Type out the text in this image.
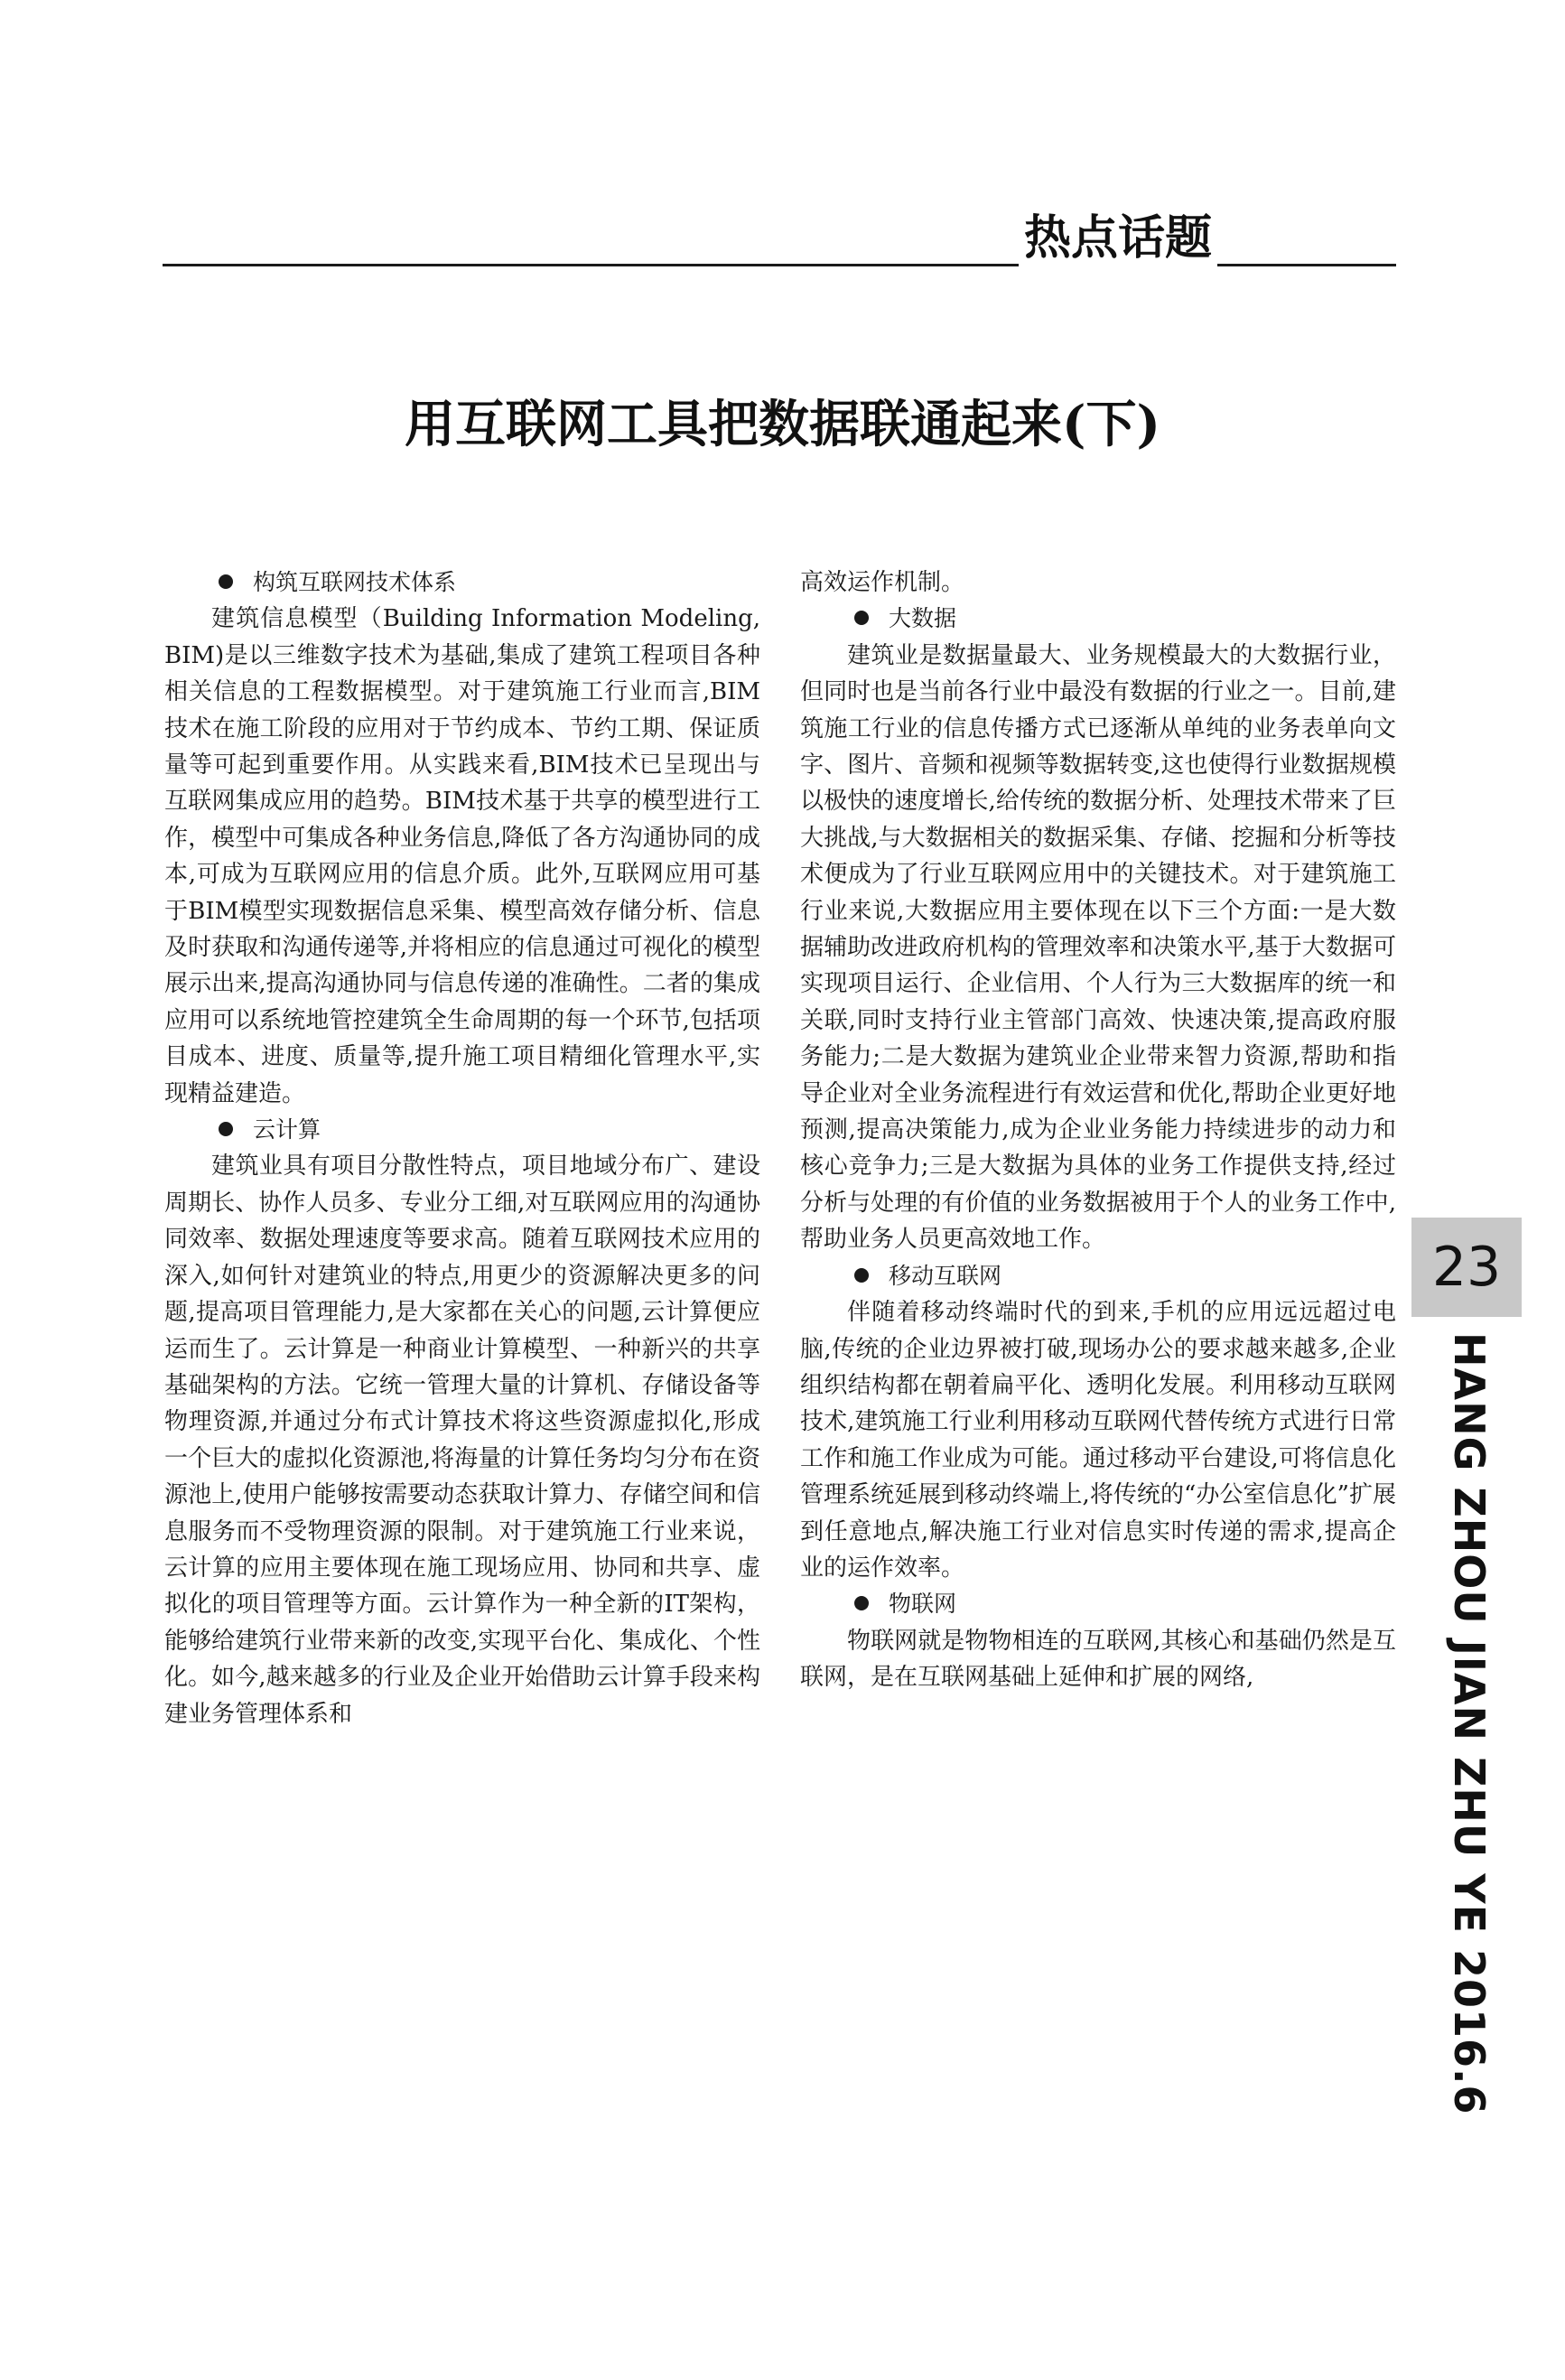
热点话题
用互联网工具把数据联通起来(下)
构筑互联网技术体系

建筑信息模型（Building Information Modeling, BIM)是以三维数字技术为基础,集成了建筑工程项目各种相关信息的工程数据模型。对于建筑施工行业而言,BIM技术在施工阶段的应用对于节约成本、节约工期、保证质量等可起到重要作用。从实践来看,BIM技术已呈现出与互联网集成应用的趋势。BIM技术基于共享的模型进行工作，模型中可集成各种业务信息,降低了各方沟通协同的成本,可成为互联网应用的信息介质。此外,互联网应用可基于BIM模型实现数据信息采集、模型高效存储分析、信息及时获取和沟通传递等,并将相应的信息通过可视化的模型展示出来,提高沟通协同与信息传递的准确性。二者的集成应用可以系统地管控建筑全生命周期的每一个环节,包括项目成本、进度、质量等,提升施工项目精细化管理水平,实现精益建造。

云计算

建筑业具有项目分散性特点，项目地域分布广、建设周期长、协作人员多、专业分工细,对互联网应用的沟通协同效率、数据处理速度等要求高。随着互联网技术应用的深入,如何针对建筑业的特点,用更少的资源解决更多的问题,提高项目管理能力,是大家都在关心的问题,云计算便应运而生了。云计算是一种商业计算模型、一种新兴的共享基础架构的方法。它统一管理大量的计算机、存储设备等物理资源,并通过分布式计算技术将这些资源虚拟化,形成一个巨大的虚拟化资源池,将海量的计算任务均匀分布在资源池上,使用户能够按需要动态获取计算力、存储空间和信息服务而不受物理资源的限制。对于建筑施工行业来说，云计算的应用主要体现在施工现场应用、协同和共享、虚拟化的项目管理等方面。云计算作为一种全新的IT架构，能够给建筑行业带来新的改变,实现平台化、集成化、个性化。如今,越来越多的行业及企业开始借助云计算手段来构建业务管理体系和

高效运作机制。

大数据

建筑业是数据量最大、业务规模最大的大数据行业，但同时也是当前各行业中最没有数据的行业之一。目前,建筑施工行业的信息传播方式已逐渐从单纯的业务表单向文字、图片、音频和视频等数据转变,这也使得行业数据规模以极快的速度增长,给传统的数据分析、处理技术带来了巨大挑战,与大数据相关的数据采集、存储、挖掘和分析等技术便成为了行业互联网应用中的关键技术。对于建筑施工行业来说,大数据应用主要体现在以下三个方面:一是大数据辅助改进政府机构的管理效率和决策水平,基于大数据可实现项目运行、企业信用、个人行为三大数据库的统一和关联,同时支持行业主管部门高效、快速决策,提高政府服务能力;二是大数据为建筑业企业带来智力资源,帮助和指导企业对全业务流程进行有效运营和优化,帮助企业更好地预测,提高决策能力,成为企业业务能力持续进步的动力和核心竞争力;三是大数据为具体的业务工作提供支持,经过分析与处理的有价值的业务数据被用于个人的业务工作中,帮助业务人员更高效地工作。

移动互联网

伴随着移动终端时代的到来,手机的应用远远超过电脑,传统的企业边界被打破,现场办公的要求越来越多,企业组织结构都在朝着扁平化、透明化发展。利用移动互联网技术,建筑施工行业利用移动互联网代替传统方式进行日常工作和施工作业成为可能。通过移动平台建设,可将信息化管理系统延展到移动终端上,将传统的“办公室信息化”扩展到任意地点,解决施工行业对信息实时传递的需求,提高企业的运作效率。

物联网

物联网就是物物相连的互联网,其核心和基础仍然是互联网，是在互联网基础上延伸和扩展的网络,

23
HANG ZHOU JIAN ZHU YE 2016.6
